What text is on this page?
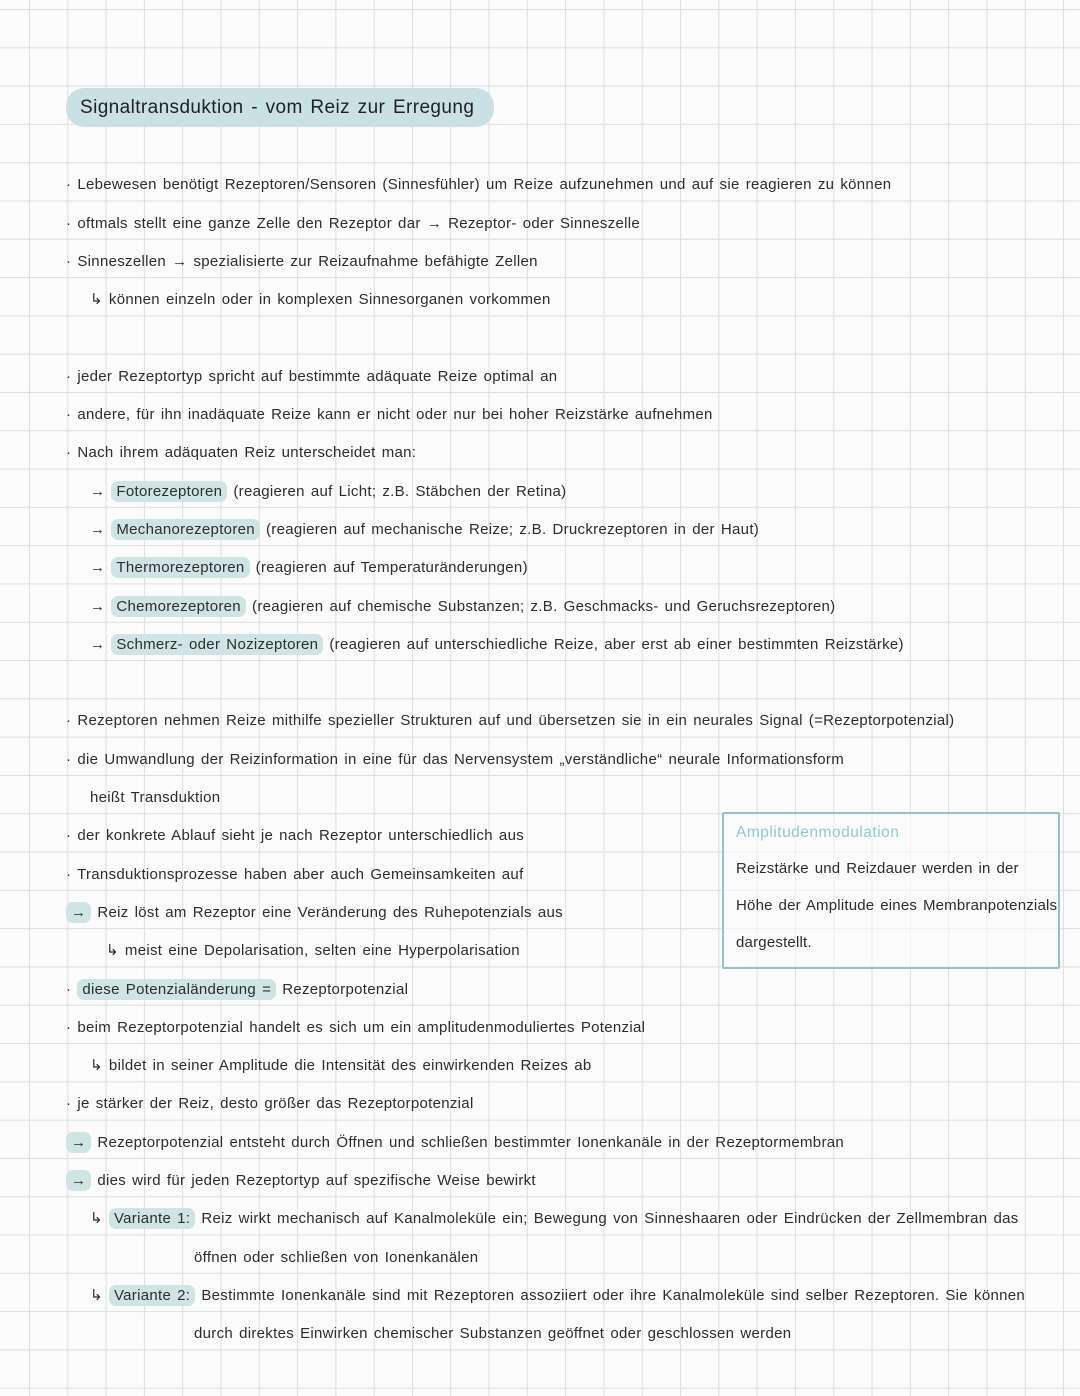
Signaltransduktion - vom Reiz zur Erregung
· Lebewesen benötigt Rezeptoren/Sensoren (Sinnesfühler) um Reize aufzunehmen und auf sie reagieren zu können
· oftmals stellt eine ganze Zelle den Rezeptor dar → Rezeptor- oder Sinneszelle
· Sinneszellen → spezialisierte zur Reizaufnahme befähigte Zellen
↳ können einzeln oder in komplexen Sinnesorganen vorkommen
· jeder Rezeptortyp spricht auf bestimmte adäquate Reize optimal an
· andere, für ihn inadäquate Reize kann er nicht oder nur bei hoher Reizstärke aufnehmen
· Nach ihrem adäquaten Reiz unterscheidet man:
→ Fotorezeptoren (reagieren auf Licht; z.B. Stäbchen der Retina)
→ Mechanorezeptoren (reagieren auf mechanische Reize; z.B. Druckrezeptoren in der Haut)
→ Thermorezeptoren (reagieren auf Temperaturänderungen)
→ Chemorezeptoren (reagieren auf chemische Substanzen; z.B. Geschmacks- und Geruchsrezeptoren)
→ Schmerz- oder Nozizeptoren (reagieren auf unterschiedliche Reize, aber erst ab einer bestimmten Reizstärke)
· Rezeptoren nehmen Reize mithilfe spezieller Strukturen auf und übersetzen sie in ein neurales Signal (=Rezeptorpotenzial)
· die Umwandlung der Reizinformation in eine für das Nervensystem „verständliche“ neurale Informationsform
heißt Transduktion
· der konkrete Ablauf sieht je nach Rezeptor unterschiedlich aus
· Transduktionsprozesse haben aber auch Gemeinsamkeiten auf
→ Reiz löst am Rezeptor eine Veränderung des Ruhepotenzials aus
↳ meist eine Depolarisation, selten eine Hyperpolarisation
· diese Potenzialänderung = Rezeptorpotenzial
· beim Rezeptorpotenzial handelt es sich um ein amplitudenmoduliertes Potenzial
↳ bildet in seiner Amplitude die Intensität des einwirkenden Reizes ab
· je stärker der Reiz, desto größer das Rezeptorpotenzial
→ Rezeptorpotenzial entsteht durch Öffnen und schließen bestimmter Ionenkanäle in der Rezeptormembran
→ dies wird für jeden Rezeptortyp auf spezifische Weise bewirkt
↳ Variante 1: Reiz wirkt mechanisch auf Kanalmoleküle ein; Bewegung von Sinneshaaren oder Eindrücken der Zellmembran das
öffnen oder schließen von Ionenkanälen
↳ Variante 2: Bestimmte Ionenkanäle sind mit Rezeptoren assoziiert oder ihre Kanalmoleküle sind selber Rezeptoren. Sie können
durch direktes Einwirken chemischer Substanzen geöffnet oder geschlossen werden
Amplitudenmodulation
Reizstärke und Reizdauer werden in der
Höhe der Amplitude eines Membranpotenzials
dargestellt.
